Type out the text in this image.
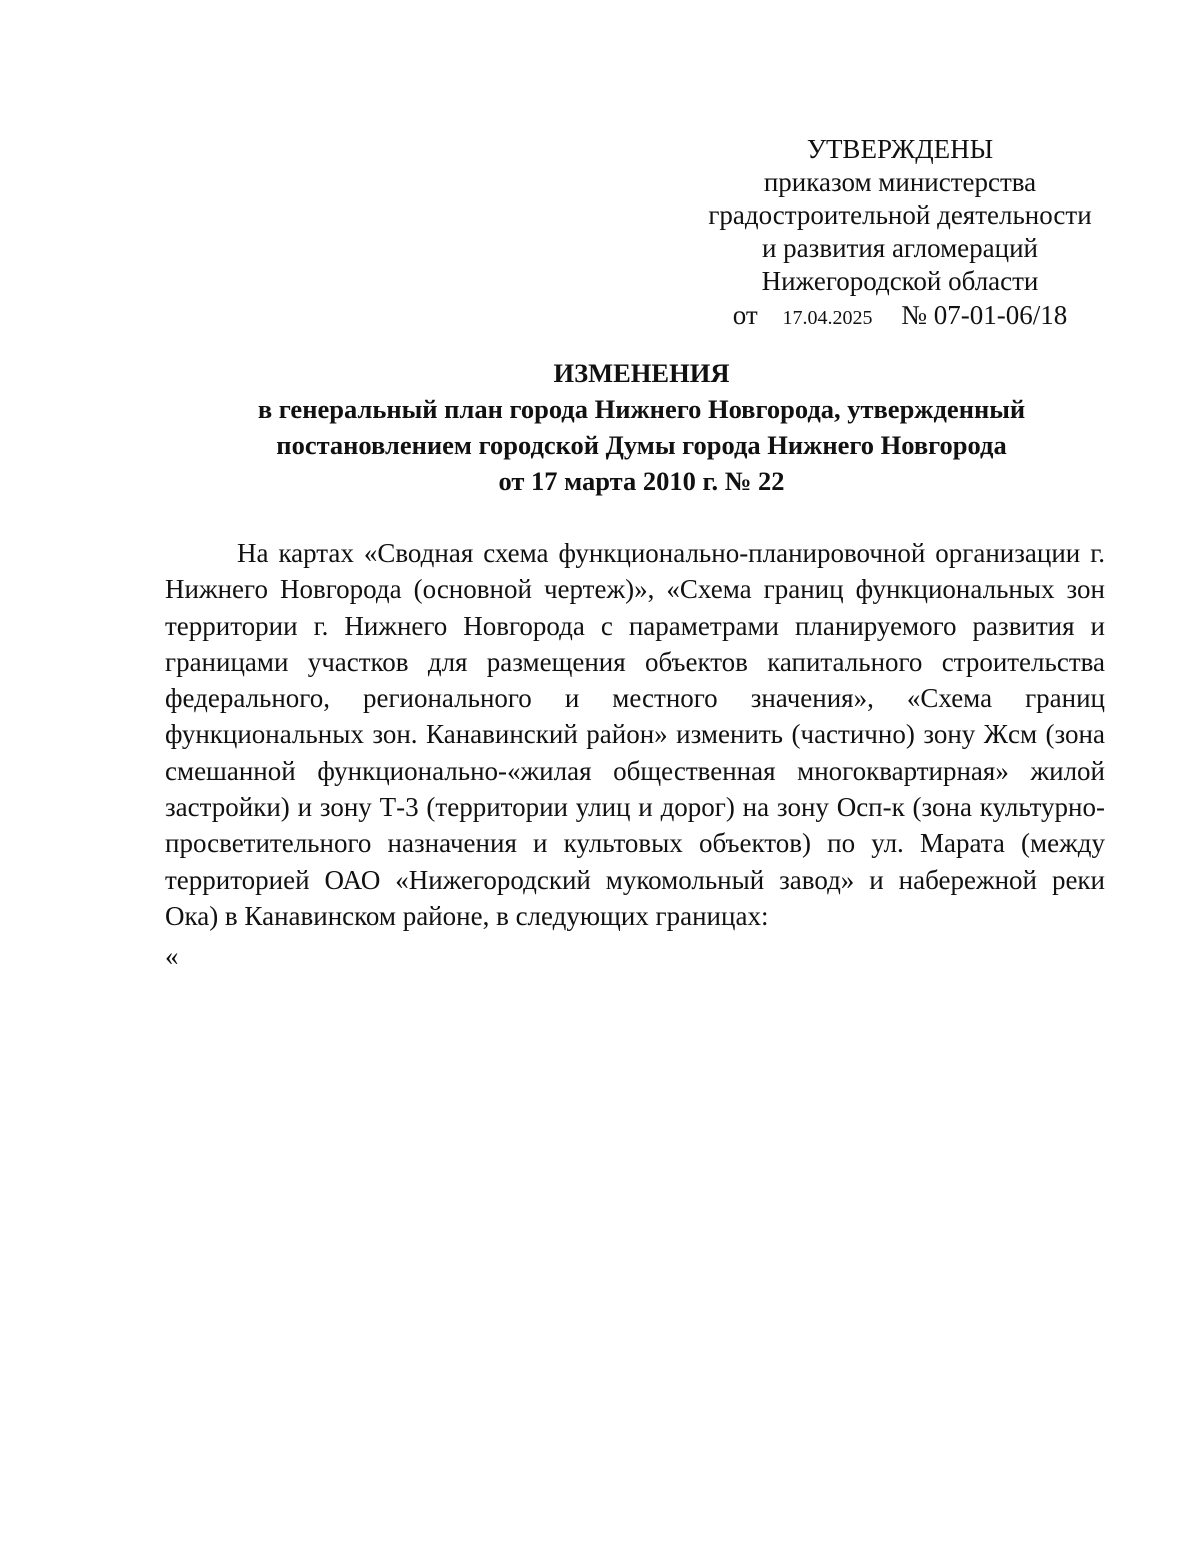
УТВЕРЖДЕНЫ
приказом министерства
градостроительной деятельности
и развития агломераций
Нижегородской области
от 17.04.2025 № 07-01-06/18
ИЗМЕНЕНИЯ
в генеральный план города Нижнего Новгорода, утвержденный
постановлением городской Думы города Нижнего Новгорода
от 17 марта 2010 г. № 22

На картах «Сводная схема функционально-планировочной организации г. Нижнего Новгорода (основной чертеж)», «Схема границ функциональных зон территории г. Нижнего Новгорода с параметрами планируемого развития и границами участков для размещения объектов капитального строительства федерального, регионального и местного значения», «Схема границ функциональных зон. Канавинский район» изменить (частично) зону Жсм (зона смешанной функционально-«жилая общественная многоквартирная» жилой застройки) и зону Т-3 (территории улиц и дорог) на зону Осп-к (зона культурно-просветительного назначения и культовых объектов) по ул. Марата (между территорией ОАО «Нижегородский мукомольный завод» и набережной реки Ока) в Канавинском районе, в следующих границах:

«
